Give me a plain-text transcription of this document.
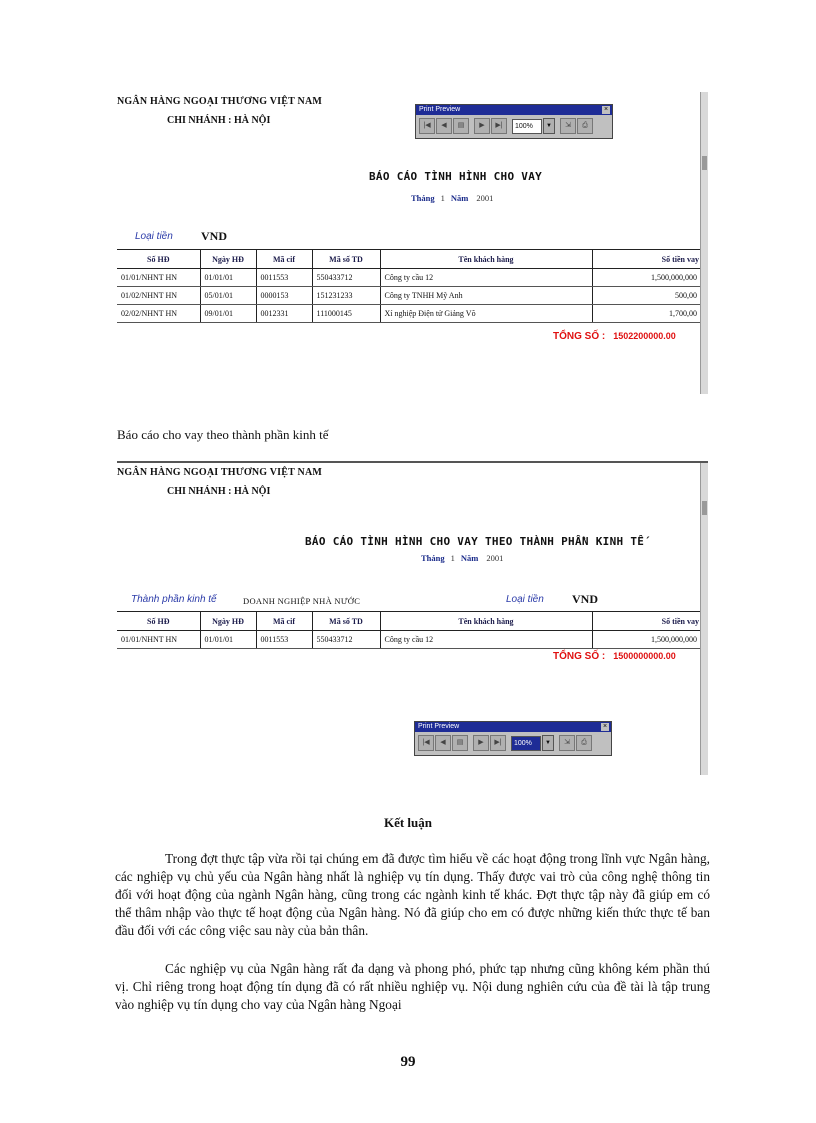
NGÂN HÀNG NGOẠI THƯƠNG VIỆT NAM
CHI NHÁNH : HÀ NỘI
Print Preview	×
|◀	◀	▤	▶	▶|	100%	▼	⇲	⎙
BÁO CÁO TÌNH HÌNH CHO VAY
Tháng 1 Năm 2001
Loại tiền VND
Số HĐ	Ngày HĐ	Mã cif	Mã số TD	Tên khách hàng	Số tiền vay
01/01/NHNT HN	01/01/01	0011553	550433712	Công ty cầu 12	1,500,000,000
01/02/NHNT HN	05/01/01	0000153	151231233	Công ty TNHH Mỹ Anh	500,00
02/02/NHNT HN	09/01/01	0012331	111000145	Xí nghiệp Điện tử Giảng Võ	1,700,00
TỔNG SỐ : 1502200000.00
Báo cáo cho vay theo thành phần kinh tế
NGÂN HÀNG NGOẠI THƯƠNG VIỆT NAM
CHI NHÁNH : HÀ NỘI
BÁO CÁO TÌNH HÌNH CHO VAY THEO THÀNH PHẦN KINH TẾ
Tháng 1 Năm 2001
Thành phần kinh tế	DOANH NGHIỆP NHÀ NƯỚC	Loại tiền VND
Số HĐ	Ngày HĐ	Mã cif	Mã số TD	Tên khách hàng	Số tiền vay
01/01/NHNT HN	01/01/01	0011553	550433712	Công ty cầu 12	1,500,000,000
TỔNG SỐ : 1500000000.00
Print Preview	×
|◀	◀	▤	▶	▶|	100%	▼	⇲	⎙
Kết luận
Trong đợt thực tập vừa rồi tại chúng em đã được tìm hiểu về các hoạt động trong lĩnh vực Ngân hàng, các nghiệp vụ chủ yếu của Ngân hàng nhất là nghiệp vụ tín dụng. Thấy được vai trò của công nghệ thông tin đối với hoạt động của ngành Ngân hàng, cũng trong các ngành kinh tế khác. Đợt thực tập này đã giúp em có thể thâm nhập vào thực tế hoạt động của Ngân hàng. Nó đã giúp cho em có được những kiến thức thực tế ban đầu đối với các công việc sau này của bản thân.
Các nghiệp vụ của Ngân hàng rất đa dạng và phong phó, phức tạp nhưng cũng không kém phần thú vị. Chỉ riêng trong hoạt động tín dụng đã có rất nhiều nghiệp vụ. Nội dung nghiên cứu của đề tài là tập trung vào nghiệp vụ tín dụng cho vay của Ngân hàng Ngoại
99
